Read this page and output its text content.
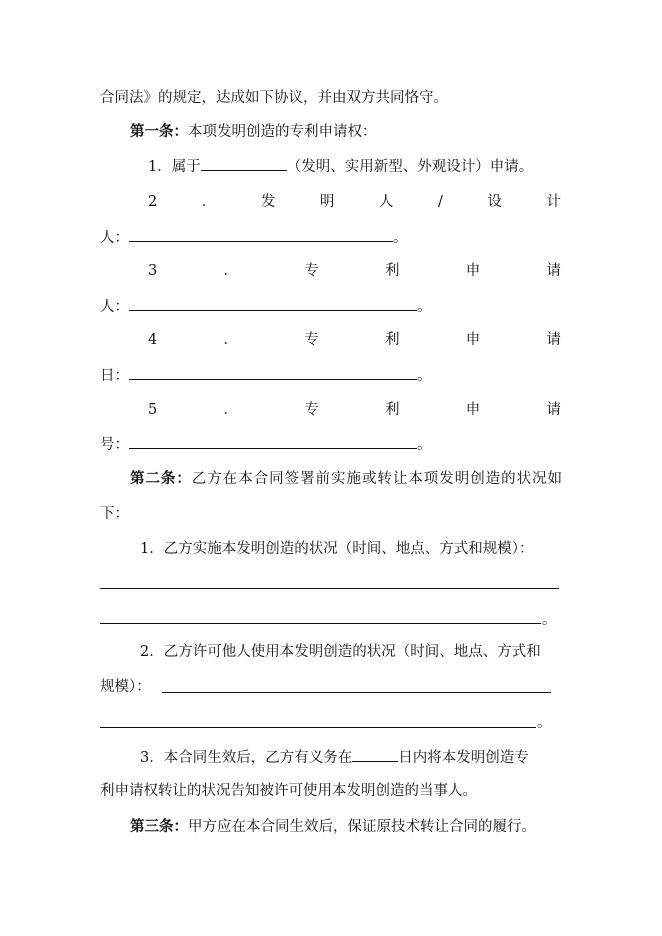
合同法》的规定，达成如下协议，并由双方共同恪守。
第一条：本项发明创造的专利申请权：
1．属于	（发明、实用新型、外观设计）申请。
2	．	发	明	人	/	设	计
人：	。
3	．	专	利	申	请
人：	。
4	．	专	利	申	请
日：	。
5	．	专	利	申	请
号：	。
第二条：乙方在本合同签署前实施或转让本项发明创造的状况如
下：
1．乙方实施本发明创造的状况（时间、地点、方式和规模）：
。
2．乙方许可他人使用本发明创造的状况（时间、地点、方式和
规模）：
。
3．本合同生效后，乙方有义务在	日内将本发明创造专
利申请权转让的状况告知被许可使用本发明创造的当事人。
第三条：甲方应在本合同生效后，保证原技术转让合同的履行。
